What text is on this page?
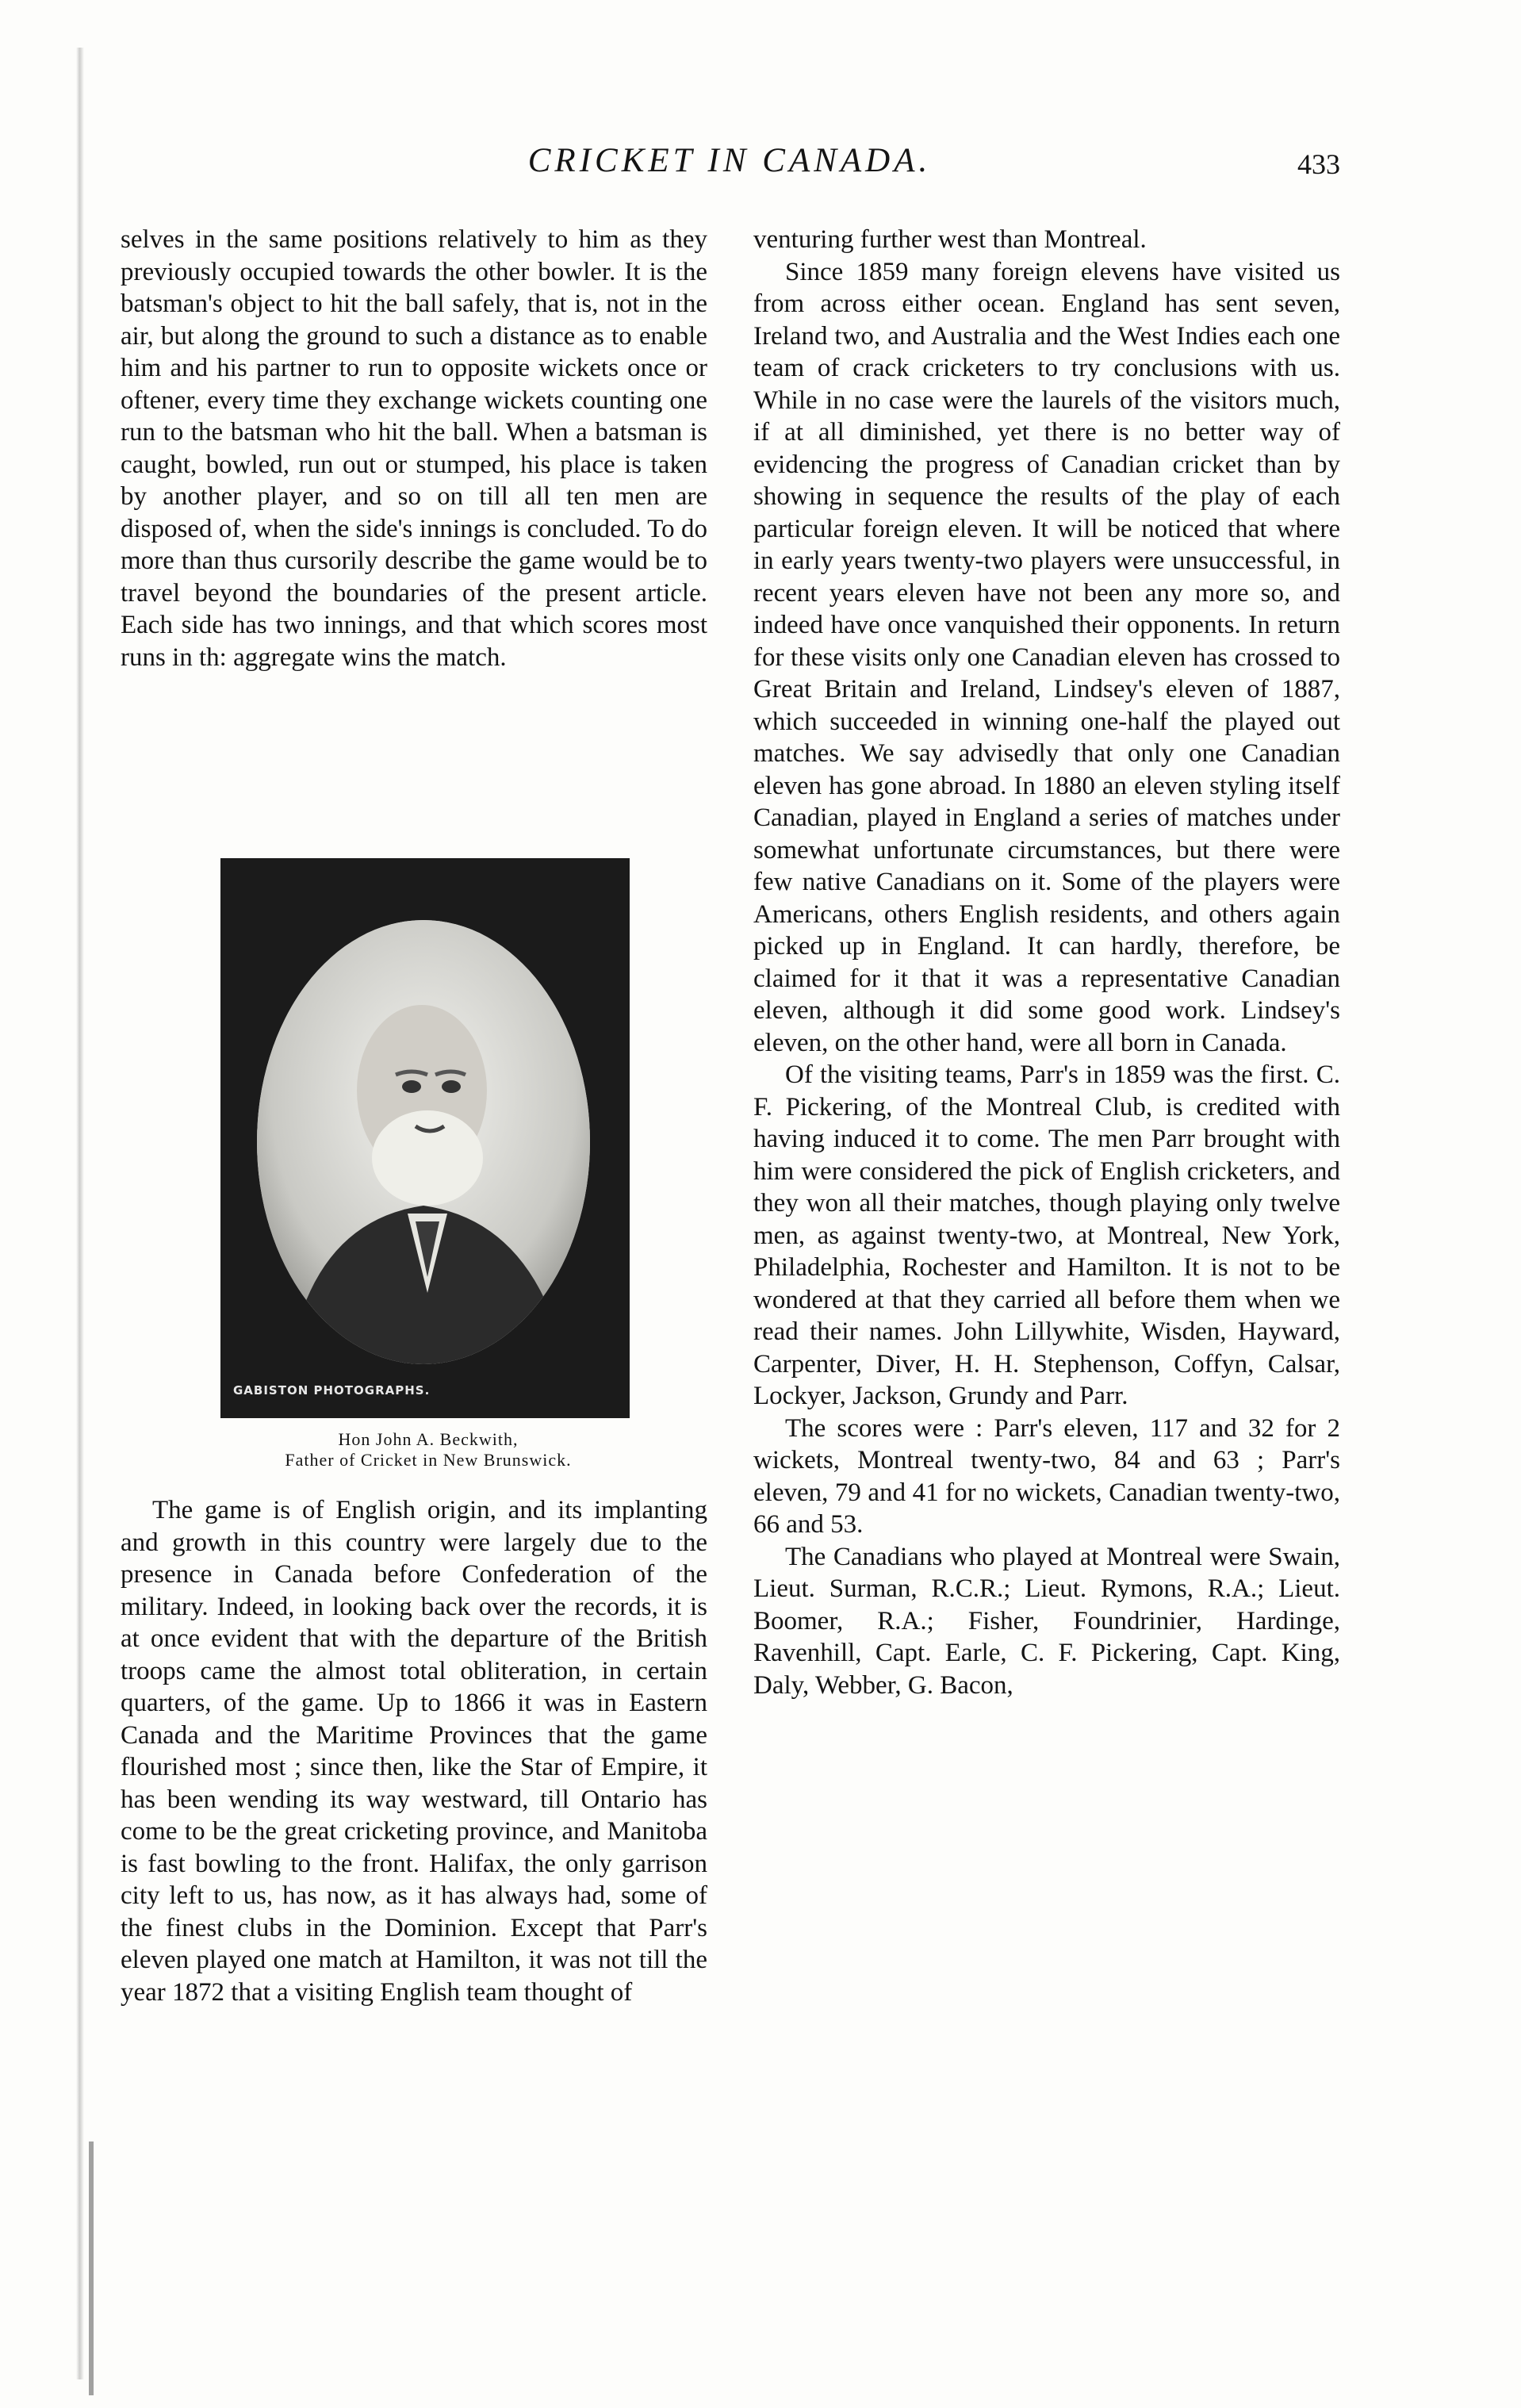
CRICKET IN CANADA.	433

selves in the same positions relatively to him as they previously occupied towards the other bowler. It is the batsman's object to hit the ball safely, that is, not in the air, but along the ground to such a distance as to enable him and his partner to run to opposite wickets once or oftener, every time they exchange wickets counting one run to the batsman who hit the ball. When a batsman is caught, bowled, run out or stumped, his place is taken by another player, and so on till all ten men are disposed of, when the side's innings is concluded. To do more than thus cursorily describe the game would be to travel beyond the boundaries of the present article. Each side has two innings, and that which scores most runs in th: aggregate wins the match.

GABISTON PHOTOGRAPHS.
Hon John A. Beckwith,
Father of Cricket in New Brunswick.

The game is of English origin, and its implanting and growth in this country were largely due to the presence in Canada before Confederation of the military. Indeed, in looking back over the records, it is at once evident that with the departure of the British troops came the almost total obliteration, in certain quarters, of the game. Up to 1866 it was in Eastern Canada and the Maritime Provinces that the game flourished most ; since then, like the Star of Empire, it has been wending its way westward, till Ontario has come to be the great cricketing province, and Manitoba is fast bowling to the front. Halifax, the only garrison city left to us, has now, as it has always had, some of the finest clubs in the Dominion. Except that Parr's eleven played one match at Hamilton, it was not till the year 1872 that a visiting English team thought of

venturing further west than Montreal.

Since 1859 many foreign elevens have visited us from across either ocean. England has sent seven, Ireland two, and Australia and the West Indies each one team of crack cricketers to try conclusions with us. While in no case were the laurels of the visitors much, if at all diminished, yet there is no better way of evidencing the progress of Canadian cricket than by showing in sequence the results of the play of each particular foreign eleven. It will be noticed that where in early years twenty-two players were unsuccessful, in recent years eleven have not been any more so, and indeed have once vanquished their opponents. In return for these visits only one Canadian eleven has crossed to Great Britain and Ireland, Lindsey's eleven of 1887, which succeeded in winning one-half the played out matches. We say advisedly that only one Canadian eleven has gone abroad. In 1880 an eleven styling itself Canadian, played in England a series of matches under somewhat unfortunate circumstances, but there were few native Canadians on it. Some of the players were Americans, others English residents, and others again picked up in England. It can hardly, therefore, be claimed for it that it was a representative Canadian eleven, although it did some good work. Lindsey's eleven, on the other hand, were all born in Canada.

Of the visiting teams, Parr's in 1859 was the first. C. F. Pickering, of the Montreal Club, is credited with having induced it to come. The men Parr brought with him were considered the pick of English cricketers, and they won all their matches, though playing only twelve men, as against twenty-two, at Montreal, New York, Philadelphia, Rochester and Hamilton. It is not to be wondered at that they carried all before them when we read their names. John Lillywhite, Wisden, Hayward, Carpenter, Diver, H. H. Stephenson, Coffyn, Calsar, Lockyer, Jackson, Grundy and Parr.

The scores were : Parr's eleven, 117 and 32 for 2 wickets, Montreal twenty-two, 84 and 63 ; Parr's eleven, 79 and 41 for no wickets, Canadian twenty-two, 66 and 53.

The Canadians who played at Montreal were Swain, Lieut. Surman, R.C.R.; Lieut. Rymons, R.A.; Lieut. Boomer, R.A.; Fisher, Foundrinier, Hardinge, Ravenhill, Capt. Earle, C. F. Pickering, Capt. King, Daly, Webber, G. Bacon,
